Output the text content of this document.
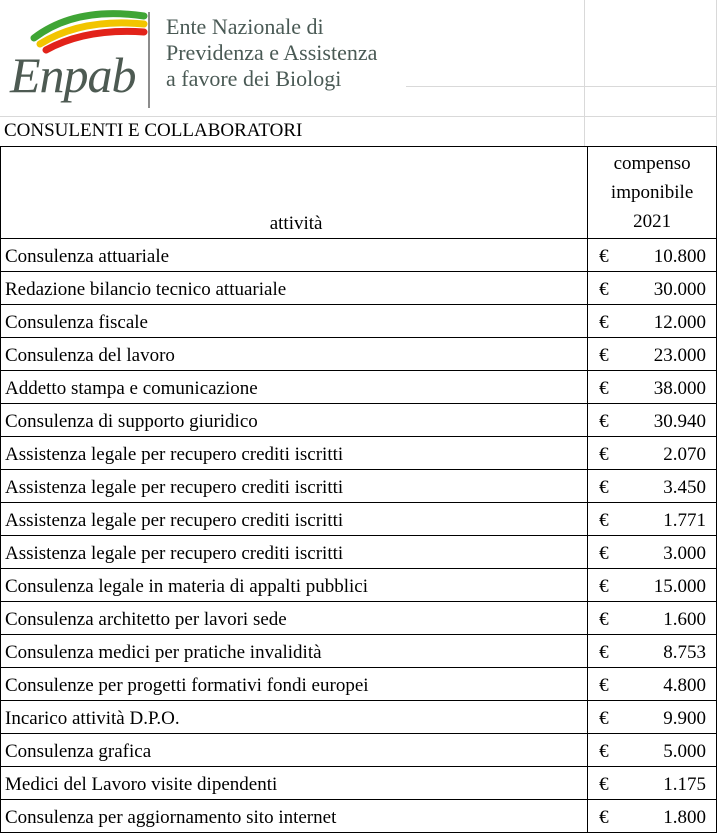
Enpab
Ente Nazionale di
Previdenza e Assistenza
a favore dei Biologi
CONSULENTI E COLLABORATORI
attività	compenso
imponibile
2021

Consulenza attuariale	€ 10.800

Redazione bilancio tecnico attuariale	€ 30.000

Consulenza fiscale	€ 12.000

Consulenza del lavoro	€ 23.000

Addetto stampa e comunicazione	€ 38.000

Consulenza di supporto giuridico	€ 30.940

Assistenza legale per recupero crediti iscritti	€ 2.070

Assistenza legale per recupero crediti iscritti	€ 3.450

Assistenza legale per recupero crediti iscritti	€ 1.771

Assistenza legale per recupero crediti iscritti	€ 3.000

Consulenza legale in materia di appalti pubblici	€ 15.000

Consulenza architetto per lavori sede	€ 1.600

Consulenza medici per pratiche invalidità	€ 8.753

Consulenze per progetti formativi fondi europei	€ 4.800

Incarico attività D.P.O.	€ 9.900

Consulenza grafica	€ 5.000

Medici del Lavoro visite dipendenti	€ 1.175

Consulenza per aggiornamento sito internet	€ 1.800
